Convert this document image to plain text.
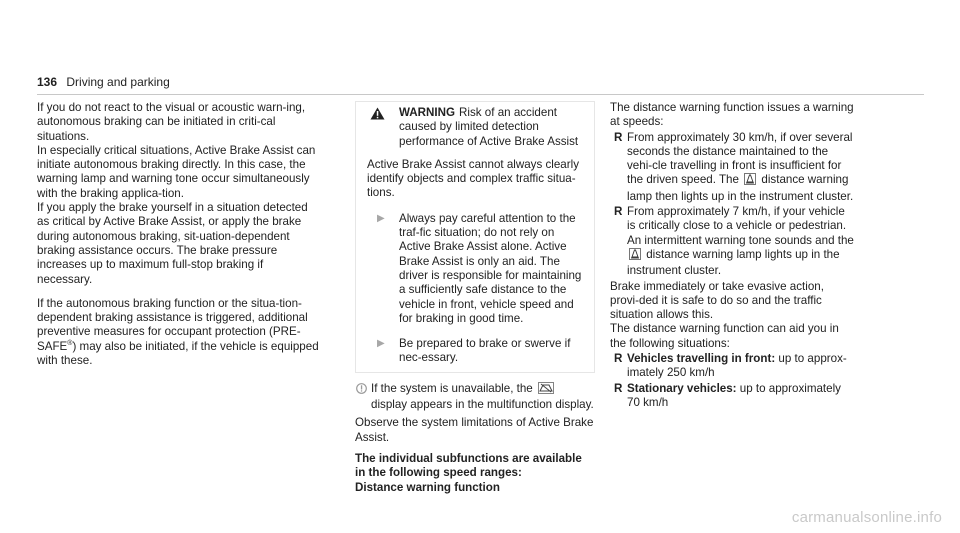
136 Driving and parking

If you do not react to the visual or acoustic warn-ing, autonomous braking can be initiated in criti-cal situations.

In especially critical situations, Active Brake Assist can initiate autonomous braking directly. In this case, the warning lamp and warning tone occur simultaneously with the braking applica-tion.

If you apply the brake yourself in a situation detected as critical by Active Brake Assist, or apply the brake during autonomous braking, sit-uation-dependent braking assistance occurs. The brake pressure increases up to maximum full-stop braking if necessary.

If the autonomous braking function or the situa-tion-dependent braking assistance is triggered, additional preventive measures for occupant protection (PRE-SAFE®) may also be initiated, if the vehicle is equipped with these.

WARNING Risk of an accident caused by limited detection performance of Active Brake Assist

Active Brake Assist cannot always clearly identify objects and complex traffic situa-tions.

▶ Always pay careful attention to the traf-fic situation; do not rely on Active Brake Assist alone. Active Brake Assist is only an aid. The driver is responsible for maintaining a sufficiently safe distance to the vehicle in front, vehicle speed and for braking in good time.
▶ Be prepared to brake or swerve if nec-essary.
If the system is unavailable, the  display appears in the multifunction display.

Observe the system limitations of Active Brake Assist.

The individual subfunctions are available in the following speed ranges:

Distance warning function

The distance warning function issues a warning at speeds:

R From approximately 30 km/h, if over several seconds the distance maintained to the vehi-cle travelling in front is insufficient for the driven speed. The distance warning lamp then lights up in the instrument cluster.
R From approximately 7 km/h, if your vehicle is critically close to a vehicle or pedestrian. An intermittent warning tone sounds and the  distance warning lamp lights up in the instrument cluster.

Brake immediately or take evasive action, provi-ded it is safe to do so and the traffic situation allows this.

The distance warning function can aid you in the following situations:

R Vehicles travelling in front: up to approx-imately 250 km/h
R Stationary vehicles: up to approximately 70 km/h
carmanualsonline.info
